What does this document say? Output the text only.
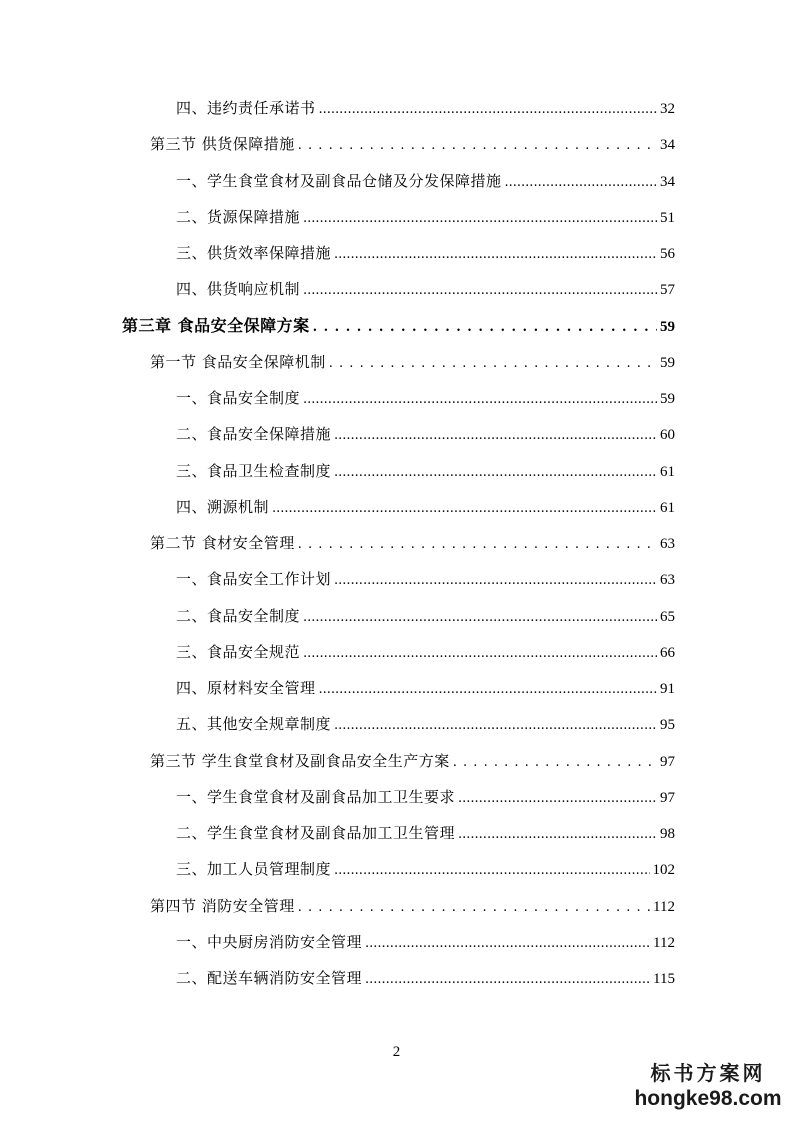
四、违约责任承诺书 .....	32
第三节 供货保障措施 . . .	34
一、学生食堂食材及副食品仓储及分发保障措施 .....	34
二、货源保障措施 .....	51
三、供货效率保障措施 .....	56
四、供货响应机制 .....	57
第三章 食品安全保障方案 . . .	59
第一节 食品安全保障机制 . . .	59
一、食品安全制度 .....	59
二、食品安全保障措施 .....	60
三、食品卫生检查制度 .....	61
四、溯源机制 .....	61
第二节 食材安全管理 . . .	63
一、食品安全工作计划 .....	63
二、食品安全制度 .....	65
三、食品安全规范 .....	66
四、原材料安全管理 .....	91
五、其他安全规章制度 .....	95
第三节 学生食堂食材及副食品安全生产方案 . . .	97
一、学生食堂食材及副食品加工卫生要求 .....	97
二、学生食堂食材及副食品加工卫生管理 .....	98
三、加工人员管理制度 .....	102
第四节 消防安全管理 . . .	112
一、中央厨房消防安全管理 .....	112
二、配送车辆消防安全管理 .....	115
2
标书方案网
hongke98.com
